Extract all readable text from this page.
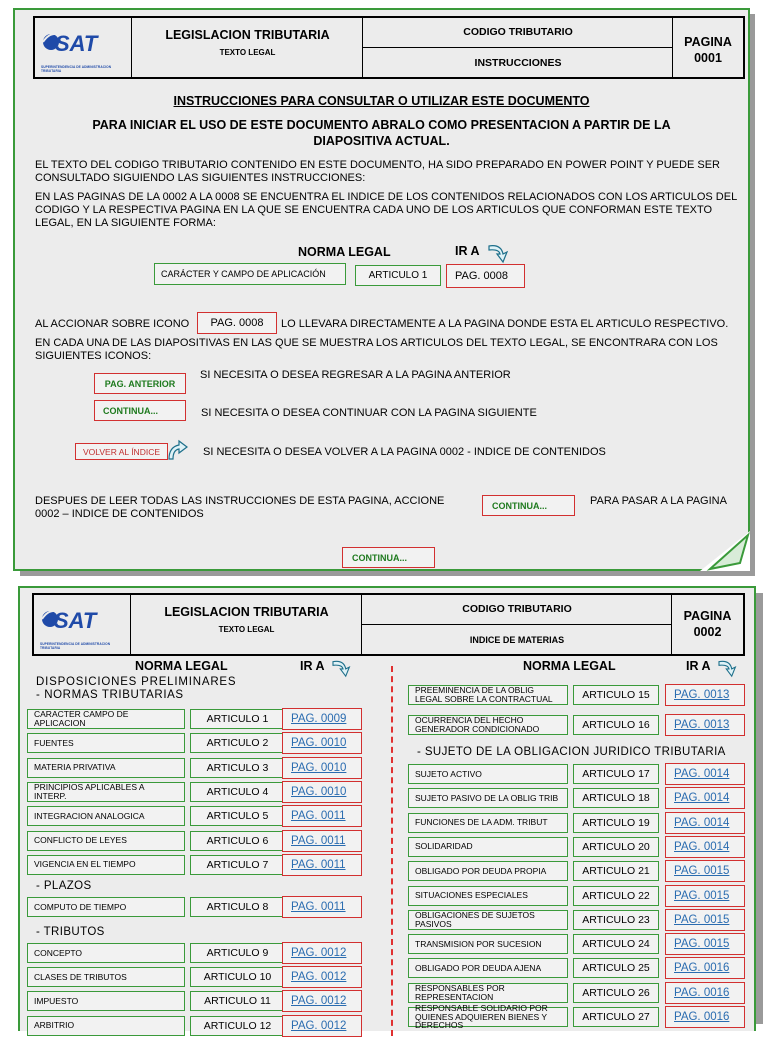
SAT
SUPERINTENDENCIA DE ADMINISTRACION TRIBUTARIA
LEGISLACION TRIBUTARIA
TEXTO LEGAL
CODIGO TRIBUTARIO
INSTRUCCIONES
PAGINA
0001
INSTRUCCIONES PARA CONSULTAR O UTILIZAR ESTE DOCUMENTO
PARA INICIAR EL USO DE ESTE DOCUMENTO ABRALO COMO PRESENTACION A PARTIR DE LA
DIAPOSITIVA ACTUAL.
EL TEXTO DEL CODIGO TRIBUTARIO CONTENIDO EN ESTE DOCUMENTO, HA SIDO PREPARADO EN POWER POINT Y PUEDE SER
CONSULTADO SIGUIENDO LAS SIGUIENTES INSTRUCCIONES:
EN LAS PAGINAS DE LA 0002 A LA 0008 SE ENCUENTRA EL INDICE DE LOS CONTENIDOS RELACIONADOS CON LOS ARTICULOS DEL
CODIGO Y LA RESPECTIVA PAGINA EN LA QUE SE ENCUENTRA CADA UNO DE LOS ARTICULOS QUE CONFORMAN ESTE TEXTO
LEGAL, EN LA SIGUIENTE FORMA:
NORMA LEGAL	IR A
CARÁCTER Y CAMPO DE APLICACIÓN	ARTICULO 1	PAG. 0008
AL ACCIONAR SOBRE ICONO PAG. 0008 LO LLEVARA DIRECTAMENTE A LA PAGINA DONDE ESTA EL ARTICULO RESPECTIVO.
EN CADA UNA DE LAS DIAPOSITIVAS EN LAS QUE SE MUESTRA LOS ARTICULOS DEL TEXTO LEGAL, SE ENCONTRARA CON LOS
SIGUIENTES ICONOS:
PAG. ANTERIOR
SI NECESITA O DESEA REGRESAR A LA PAGINA ANTERIOR
CONTINUA...	SI NECESITA O DESEA CONTINUAR CON LA PAGINA SIGUIENTE
VOLVER AL ÍNDICE	SI NECESITA O DESEA VOLVER A LA PAGINA 0002 - INDICE DE CONTENIDOS
DESPUES DE LEER TODAS LAS INSTRUCCIONES DE ESTA PAGINA, ACCIONE
0002 – INDICE DE CONTENIDOS
CONTINUA...	PARA PASAR A LA PAGINA
CONTINUA...
SAT
SUPERINTENDENCIA DE ADMINISTRACION TRIBUTARIA
LEGISLACION TRIBUTARIA
TEXTO LEGAL
CODIGO TRIBUTARIO
INDICE DE MATERIAS
PAGINA
0002
NORMA LEGAL	IR A
DISPOSICIONES PRELIMINARES
- NORMAS TRIBUTARIAS
CARACTER CAMPO DE APLICACION	ARTICULO 1 PAG. 0009
FUENTES	ARTICULO 2 PAG. 0010
MATERIA PRIVATIVA	ARTICULO 3 PAG. 0010
PRINCIPIOS APLICABLES A INTERP.	ARTICULO 4 PAG. 0010
INTEGRACION ANALOGICA	ARTICULO 5 PAG. 0011
CONFLICTO DE LEYES	ARTICULO 6 PAG. 0011
VIGENCIA EN EL TIEMPO	ARTICULO 7 PAG. 0011
- PLAZOS
COMPUTO DE TIEMPO	ARTICULO 8 PAG. 0011
- TRIBUTOS
CONCEPTO	ARTICULO 9 PAG. 0012
CLASES DE TRIBUTOS	ARTICULO 10 PAG. 0012
IMPUESTO	ARTICULO 11 PAG. 0012
ARBITRIO	ARTICULO 12 PAG. 0012
NORMA LEGAL	IR A
PREEMINENCIA DE LA OBLIG LEGAL SOBRE LA CONTRACTUAL	ARTICULO 15 PAG. 0013
OCURRENCIA DEL HECHO GENERADOR CONDICIONADO	ARTICULO 16 PAG. 0013
- SUJETO DE LA OBLIGACION JURIDICO TRIBUTARIA
SUJETO ACTIVO	ARTICULO 17 PAG. 0014
SUJETO PASIVO DE LA OBLIG TRIB ARTICULO 18 PAG. 0014
FUNCIONES DE LA ADM. TRIBUT	ARTICULO 19 PAG. 0014
SOLIDARIDAD	ARTICULO 20 PAG. 0014
OBLIGADO POR DEUDA PROPIA	ARTICULO 21 PAG. 0015
SITUACIONES ESPECIALES	ARTICULO 22 PAG. 0015
OBLIGACIONES DE SUJETOS PASIVOS	ARTICULO 23 PAG. 0015
TRANSMISION POR SUCESION	ARTICULO 24 PAG. 0015
OBLIGADO POR DEUDA AJENA	ARTICULO 25 PAG. 0016
RESPONSABLES POR REPRESENTACION	ARTICULO 26 PAG. 0016
RESPONSABLE SOLIDARIO POR QUIENES ADQUIEREN BIENES Y DERECHOS
ARTICULO 27 PAG. 0016
